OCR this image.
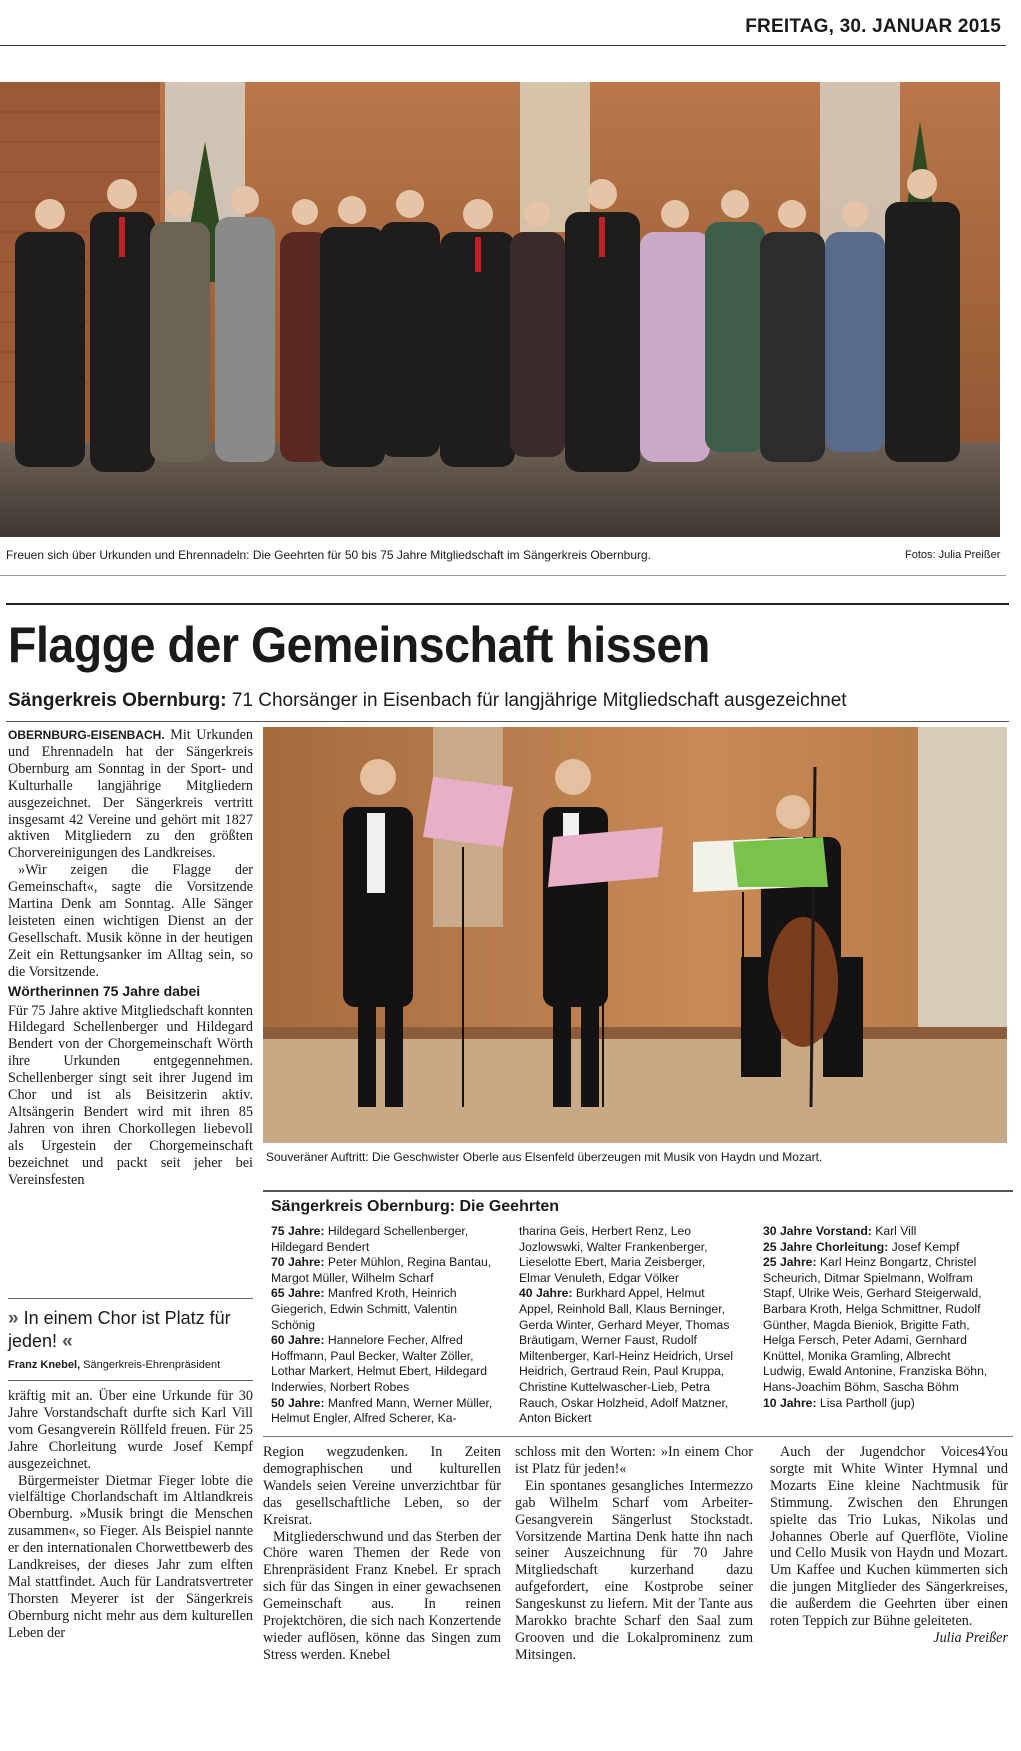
FREITAG, 30. JANUAR 2015
Freuen sich über Urkunden und Ehrennadeln: Die Geehrten für 50 bis 75 Jahre Mitgliedschaft im Sängerkreis Obernburg.	Fotos: Julia Preißer
Flagge der Gemeinschaft hissen
Sängerkreis Obernburg: 71 Chorsänger in Eisenbach für langjährige Mitgliedschaft ausgezeichnet

OBERNBURG-EISENBACH. Mit Urkunden und Ehrennadeln hat der Sängerkreis Obernburg am Sonntag in der Sport- und Kulturhalle langjährige Mitgliedern ausgezeichnet. Der Sängerkreis vertritt insgesamt 42 Vereine und gehört mit 1827 aktiven Mitgliedern zu den größten Chorvereinigungen des Landkreises.

»Wir zeigen die Flagge der Gemeinschaft«, sagte die Vorsitzende Martina Denk am Sonntag. Alle Sänger leisteten einen wichtigen Dienst an der Gesellschaft. Musik könne in der heutigen Zeit ein Rettungsanker im Alltag sein, so die Vorsitzende.

Wörtherinnen 75 Jahre dabei

Für 75 Jahre aktive Mitgliedschaft konnten Hildegard Schellenberger und Hildegard Bendert von der Chorgemeinschaft Wörth ihre Urkunden entgegennehmen. Schellenberger singt seit ihrer Jugend im Chor und ist als Beisitzerin aktiv. Altsängerin Bendert wird mit ihren 85 Jahren von ihren Chorkollegen liebevoll als Urgestein der Chorgemeinschaft bezeichnet und packt seit jeher bei Vereinsfesten

» In einem Chor ist Platz für jeden! «
Franz Knebel, Sängerkreis-Ehrenpräsident

kräftig mit an. Über eine Urkunde für 30 Jahre Vorstandschaft durfte sich Karl Vill vom Gesangverein Röllfeld freuen. Für 25 Jahre Chorleitung wurde Josef Kempf ausgezeichnet.

Bürgermeister Dietmar Fieger lobte die vielfältige Chorlandschaft im Altlandkreis Obernburg. »Musik bringt die Menschen zusammen«, so Fieger. Als Beispiel nannte er den internationalen Chorwettbewerb des Landkreises, der dieses Jahr zum elften Mal stattfindet. Auch für Landratsvertreter Thorsten Meyerer ist der Sängerkreis Obernburg nicht mehr aus dem kulturellen Leben der

Souveräner Auftritt: Die Geschwister Oberle aus Elsenfeld überzeugen mit Musik von Haydn und Mozart.
Sängerkreis Obernburg: Die Geehrten
75 Jahre: Hildegard Schellenberger, Hildegard Bendert
70 Jahre: Peter Mühlon, Regina Bantau, Margot Müller, Wilhelm Scharf
65 Jahre: Manfred Kroth, Heinrich Giegerich, Edwin Schmitt, Valentin Schönig
60 Jahre: Hannelore Fecher, Alfred Hoffmann, Paul Becker, Walter Zöller, Lothar Markert, Helmut Ebert, Hildegard Inderwies, Norbert Robes
50 Jahre: Manfred Mann, Werner Müller, Helmut Engler, Alfred Scherer, Ka-
tharina Geis, Herbert Renz, Leo Jozlowswki, Walter Frankenberger, Lieselotte Ebert, Maria Zeisberger, Elmar Venuleth, Edgar Völker
40 Jahre: Burkhard Appel, Helmut Appel, Reinhold Ball, Klaus Berninger, Gerda Winter, Gerhard Meyer, Thomas Bräutigam, Werner Faust, Rudolf Miltenberger, Karl-Heinz Heidrich, Ursel Heidrich, Gertraud Rein, Paul Kruppa, Christine Kuttelwascher-Lieb, Petra Rauch, Oskar Holzheid, Adolf Matzner, Anton Bickert
30 Jahre Vorstand: Karl Vill
25 Jahre Chorleitung: Josef Kempf
25 Jahre: Karl Heinz Bongartz, Christel Scheurich, Ditmar Spielmann, Wolfram Stapf, Ulrike Weis, Gerhard Steigerwald, Barbara Kroth, Helga Schmittner, Rudolf Günther, Magda Bieniok, Brigitte Fath, Helga Fersch, Peter Adami, Gernhard Knüttel, Monika Gramling, Albrecht Ludwig, Ewald Antonine, Franziska Böhn, Hans-Joachim Böhm, Sascha Böhm
10 Jahre: Lisa Partholl (jup)

Region wegzudenken. In Zeiten demographischen und kulturellen Wandels seien Vereine unverzichtbar für das gesellschaftliche Leben, so der Kreisrat.

Mitgliederschwund und das Sterben der Chöre waren Themen der Rede von Ehrenpräsident Franz Knebel. Er sprach sich für das Singen in einer gewachsenen Gemeinschaft aus. In reinen Projektchören, die sich nach Konzertende wieder auflösen, könne das Singen zum Stress werden. Knebel

schloss mit den Worten: »In einem Chor ist Platz für jeden!«

Ein spontanes gesangliches Intermezzo gab Wilhelm Scharf vom Arbeiter-Gesangverein Sängerlust Stockstadt. Vorsitzende Martina Denk hatte ihn nach seiner Auszeichnung für 70 Jahre Mitgliedschaft kurzerhand dazu aufgefordert, eine Kostprobe seiner Sangeskunst zu liefern. Mit der Tante aus Marokko brachte Scharf den Saal zum Grooven und die Lokalprominenz zum Mitsingen.

Auch der Jugendchor Voices4You sorgte mit White Winter Hymnal und Mozarts Eine kleine Nachtmusik für Stimmung. Zwischen den Ehrungen spielte das Trio Lukas, Nikolas und Johannes Oberle auf Querflöte, Violine und Cello Musik von Haydn und Mozart. Um Kaffee und Kuchen kümmerten sich die jungen Mitglieder des Sängerkreises, die außerdem die Geehrten über einen roten Teppich zur Bühne geleiteten.

Julia Preißer
